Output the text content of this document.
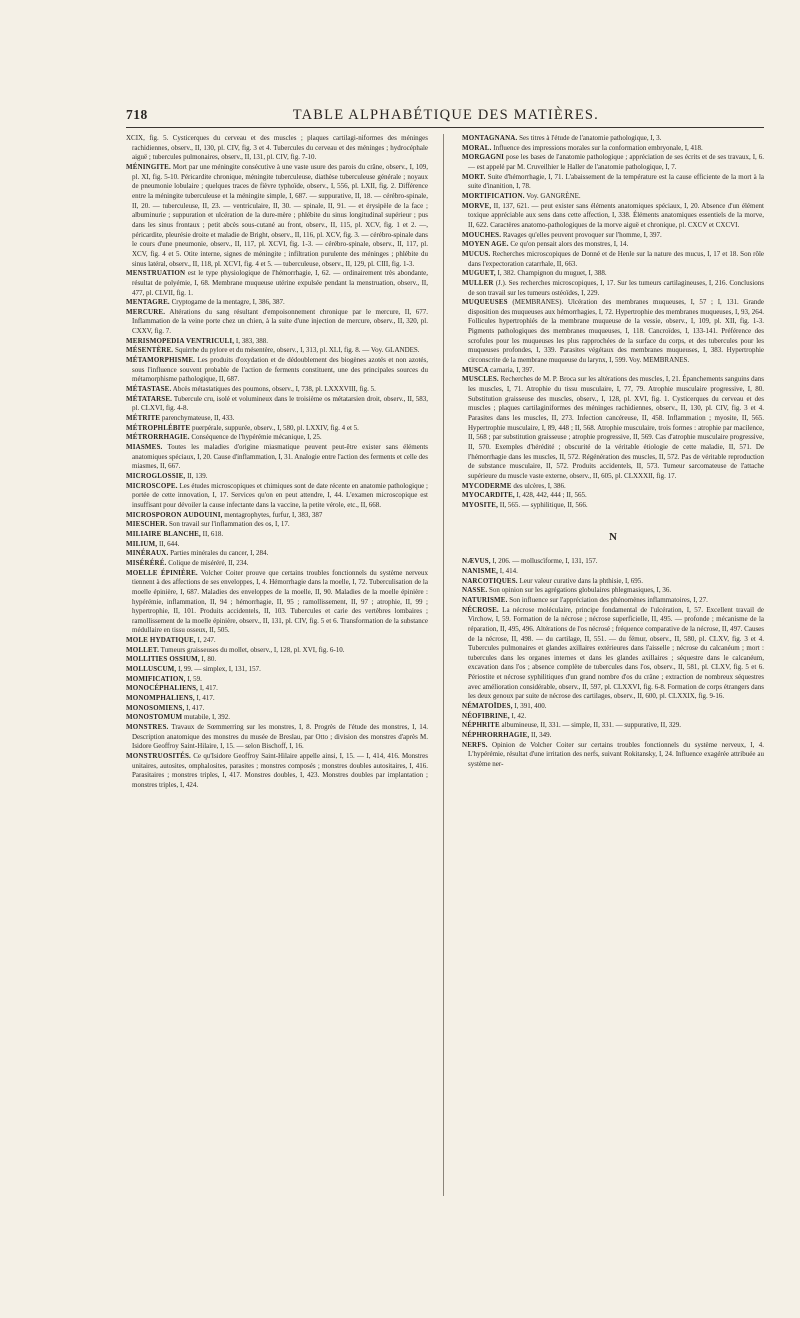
718	TABLE ALPHABÉTIQUE DES MATIÈRES.

XCIX, fig. 5. Cysticerques du cerveau et des muscles ; plaques cartilagi-niformes des méninges rachidiennes, observ., II, 130, pl. CIV, fig. 3 et 4. Tubercules du cerveau et des méninges ; hydrocéphale aiguë ; tubercules pulmonaires, observ., II, 131, pl. CIV, fig. 7-10.

MÉNINGITE. Mort par une méningite consécutive à une vaste usure des parois du crâne, observ., I, 109, pl. XI, fig. 5-10. Péricardite chronique, méningite tuberculeuse, diathèse tuberculeuse générale ; noyaux de pneumonie lobulaire ; quelques traces de fièvre typhoïde, observ., I, 556, pl. LXII, fig. 2. Différence entre la méningite tuberculeuse et la méningite simple, I, 687. — suppurative, II, 18. — cérébro-spinale, II, 20. — tuberculeuse, II, 23. — ventriculaire, II, 30. — spinale, II, 91. — et érysipèle de la face ; albuminurie ; suppuration et ulcération de la dure-mère ; phlébite du sinus longitudinal supérieur ; pus dans les sinus frontaux ; petit abcès sous-cutané au front, observ., II, 115, pl. XCV, fig. 1 et 2. —, péricardite, pleurésie droite et maladie de Bright, observ., II, 116, pl. XCV, fig. 3. — cérébro-spinale dans le cours d'une pneumonie, observ., II, 117, pl. XCVI, fig. 1-3. — cérébro-spinale, observ., II, 117, pl. XCV, fig. 4 et 5. Otite interne, signes de méningite ; infiltration purulente des méninges ; phlébite du sinus latéral, observ., II, 118, pl. XCVI, fig. 4 et 5. — tuberculeuse, observ., II, 129, pl. CIII, fig. 1-3.

MENSTRUATION est le type physiologique de l'hémorrhagie, I, 62. — ordinairement très abondante, résultat de polyémie, I, 68. Membrane muqueuse utérine expulsée pendant la menstruation, observ., II, 477, pl. CLVII, fig. 1.

MENTAGRE. Cryptogame de la mentagre, I, 386, 387.

MERCURE. Altérations du sang résultant d'empoisonnement chronique par le mercure, II, 677. Inflammation de la veine porte chez un chien, à la suite d'une injection de mercure, observ., II, 320, pl. CXXV, fig. 7.

MERISMOPEDIA VENTRICULI, I, 383, 388.

MÉSENTÈRE. Squirrhe du pylore et du mésentère, observ., I, 313, pl. XLI, fig. 8. — Voy. GLANDES.

MÉTAMORPHISME. Les produits d'oxydation et de dédoublement des biogènes azotés et non azotés, sous l'influence souvent probable de l'action de ferments constituent, une des principales sources du métamorphisme pathologique, II, 687.

MÉTASTASE. Abcès métastatiques des poumons, observ., I, 738, pl. LXXXVIII, fig. 5.

MÉTATARSE. Tubercule cru, isolé et volumineux dans le troisième os métatarsien droit, observ., II, 583, pl. CLXVI, fig. 4-8.

MÉTRITE parenchymateuse, II, 433.

MÉTROPHLÉBITE puerpérale, suppurée, observ., I, 580, pl. LXXIV, fig. 4 et 5.

MÉTRORRHAGIE. Conséquence de l'hypérémie mécanique, I, 25.

MIASMES. Toutes les maladies d'origine miasmatique peuvent peut-être exister sans éléments anatomiques spéciaux, I, 20. Cause d'inflammation, I, 31. Analogie entre l'action des ferments et celle des miasmes, II, 667.

MICROGLOSSIE, II, 139.

MICROSCOPE. Les études microscopiques et chimiques sont de date récente en anatomie pathologique ; portée de cette innovation, I, 17. Services qu'on en peut attendre, I, 44. L'examen microscopique est insuffisant pour dévoiler la cause infectante dans la vaccine, la petite vérole, etc., II, 668.

MICROSPORON AUDOUINI, mentagrophytes, furfur, I, 383, 387

MIESCHER. Son travail sur l'inflammation des os, I, 17.

MILIAIRE BLANCHE, II, 618.

MILIUM, II, 644.

MINÉRAUX. Parties minérales du cancer, I, 284.

MISÉRÉRÉ. Colique de miséréré, II, 234.

MOELLE ÉPINIÈRE. Volcher Coiter prouve que certains troubles fonctionnels du système nerveux tiennent à des affections de ses enveloppes, I, 4. Hémorrhagie dans la moelle, I, 72. Tuberculisation de la moelle épinière, I, 687. Maladies des enveloppes de la moelle, II, 90. Maladies de la moelle épinière : hypérémie, inflammation, II, 94 ; hémorrhagie, II, 95 ; ramollissement, II, 97 ; atrophie, II, 99 ; hypertrophie, II, 101. Produits accidentels, II, 103. Tubercules et carie des vertèbres lombaires ; ramollissement de la moelle épinière, observ., II, 131, pl. CIV, fig. 5 et 6. Transformation de la substance médullaire en tissu osseux, II, 505.

MOLE HYDATIQUE, I, 247.

MOLLET. Tumeurs graisseuses du mollet, observ., I, 128, pl. XVI, fig. 6-10.

MOLLITIES OSSIUM, I, 80.

MOLLUSCUM, I, 99. — simplex, I, 131, 157.

MOMIFICATION, I, 59.

MONOCÉPHALIENS, I, 417.

MONOMPHALIENS, I, 417.

MONOSOMIENS, I, 417.

MONOSTOMUM mutabile, I, 392.

MONSTRES. Travaux de Sœmmerring sur les monstres, I, 8. Progrès de l'étude des monstres, I, 14. Description anatomique des monstres du musée de Breslau, par Otto ; division des monstres d'après M. Isidore Geoffroy Saint-Hilaire, I, 15. — selon Bischoff, I, 16.

MONSTRUOSITÉS. Ce qu'Isidore Geoffroy Saint-Hilaire appelle ainsi, I, 15. — I, 414, 416. Monstres unitaires, autosites, omphalosites, parasites ; monstres composés ; monstres doubles autositaires, I, 416. Parasitaires ; monstres triples, I, 417. Monstres doubles, I, 423. Monstres doubles par implantation ; monstres triples, I, 424.

MONTAGNANA. Ses titres à l'étude de l'anatomie pathologique, I, 3.

MORAL. Influence des impressions morales sur la conformation embryonale, I, 418.

MORGAGNI pose les bases de l'anatomie pathologique ; appréciation de ses écrits et de ses travaux, I, 6. — est appelé par M. Cruveilhier le Haller de l'anatomie pathologique, I, 7.

MORT. Suite d'hémorrhagie, I, 71. L'abaissement de la température est la cause efficiente de la mort à la suite d'inanition, I, 78.

MORTIFICATION. Voy. GANGRÈNE.

MORVE, II, 137, 621. — peut exister sans éléments anatomiques spéciaux, I, 20. Absence d'un élément toxique appréciable aux sens dans cette affection, I, 338. Éléments anatomiques essentiels de la morve, II, 622. Caractères anatomo-pathologiques de la morve aiguë et chronique, pl. CXCV et CXCVI.

MOUCHES. Ravages qu'elles peuvent provoquer sur l'homme, I, 397.

MOYEN AGE. Ce qu'on pensait alors des monstres, I, 14.

MUCUS. Recherches microscopiques de Donné et de Henle sur la nature des mucus, I, 17 et 18. Son rôle dans l'expectoration catarrhale, II, 663.

MUGUET, I, 382. Champignon du muguet, I, 388.

MULLER (J.). Ses recherches microscopiques, I, 17. Sur les tumeurs cartilagineuses, I, 216. Conclusions de son travail sur les tumeurs ostéoïdes, I, 229.

MUQUEUSES (MEMBRANES). Ulcération des membranes muqueuses, I, 57 ; I, 131. Grande disposition des muqueuses aux hémorrhagies, I, 72. Hypertrophie des membranes muqueuses, I, 93, 264. Follicules hypertrophiés de la membrane muqueuse de la vessie, observ., I, 109, pl. XII, fig. 1-3. Pigments pathologiques des membranes muqueuses, I, 118. Cancroïdes, I, 133-141. Préférence des scrofules pour les muqueuses les plus rapprochées de la surface du corps, et des tubercules pour les muqueuses profondes, I, 339. Parasites végétaux des membranes muqueuses, I, 383. Hypertrophie circonscrite de la membrane muqueuse du larynx, I, 599. Voy. MEMBRANES.

MUSCA carnaria, I, 397.

MUSCLES. Recherches de M. P. Broca sur les altérations des muscles, I, 21. Épanchements sanguins dans les muscles, I, 71. Atrophie du tissu musculaire, I, 77, 79. Atrophie musculaire progressive, I, 80. Substitution graisseuse des muscles, observ., I, 128, pl. XVI, fig. 1. Cysticerques du cerveau et des muscles ; plaques cartilaginiformes des méninges rachidiennes, observ., II, 130, pl. CIV, fig. 3 et 4. Parasites dans les muscles, II, 273. Infection cancéreuse, II, 458. Inflammation ; myosite, II, 565. Hypertrophie musculaire, I, 89, 448 ; II, 568. Atrophie musculaire, trois formes : atrophie par macilence, II, 568 ; par substitution graisseuse ; atrophie progressive, II, 569. Cas d'atrophie musculaire progressive, II, 570. Exemples d'hérédité ; obscurité de la véritable étiologie de cette maladie, II, 571. De l'hémorrhagie dans les muscles, II, 572. Régénération des muscles, II, 572. Pas de véritable reproduction de substance musculaire, II, 572. Produits accidentels, II, 573. Tumeur sarcomateuse de l'attache supérieure du muscle vaste externe, observ., II, 605, pl. CLXXXII, fig. 17.

MYCODERME des ulcères, I, 386.

MYOCARDITE, I, 428, 442, 444 ; II, 565.

MYOSITE, II, 565. — syphilitique, II, 566.

N

NÆVUS, I, 206. — molluscïforme, I, 131, 157.

NANISME, I, 414.

NARCOTIQUES. Leur valeur curative dans la phthisie, I, 695.

NASSE. Son opinion sur les agrégations globulaires phlegmasiques, I, 36.

NATURISME. Son influence sur l'appréciation des phénomènes inflammatoires, I, 27.

NÉCROSE. La nécrose moléculaire, principe fondamental de l'ulcération, I, 57. Excellent travail de Virchow, I, 59. Formation de la nécrose ; nécrose superficielle, II, 495. — profonde ; mécanisme de la réparation, II, 495, 496. Altérations de l'os nécrosé ; fréquence comparative de la nécrose, II, 497. Causes de la nécrose, II, 498. — du cartilage, II, 551. — du fémur, observ., II, 580, pl. CLXV, fig. 3 et 4. Tubercules pulmonaires et glandes axillaires extérieures dans l'aisselle ; nécrose du calcanéum ; mort : tubercules dans les organes internes et dans les glandes axillaires ; séquestre dans le calcanéum, excavation dans l'os ; absence complète de tubercules dans l'os, observ., II, 581, pl. CLXV, fig. 5 et 6. Périostite et nécrose syphilitiques d'un grand nombre d'os du crâne ; extraction de nombreux séquestres avec amélioration considérable, observ., II, 597, pl. CLXXVI, fig. 6-8. Formation de corps étrangers dans les deux genoux par suite de nécrose des cartilages, observ., II, 600, pl. CLXXIX, fig. 9-16.

NÉMATOÏDES, I, 391, 400.

NÉOFIBRINE, I, 42.

NÉPHRITE albumineuse, II, 331. — simple, II, 331. — suppurative, II, 329.

NÉPHRORRHAGIE, II, 349.

NERFS. Opinion de Volcher Coiter sur certains troubles fonctionnels du système nerveux, I, 4. L'hypérémie, résultat d'une irritation des nerfs, suivant Rokitansky, I, 24. Influence exagérée attribuée au système ner-
